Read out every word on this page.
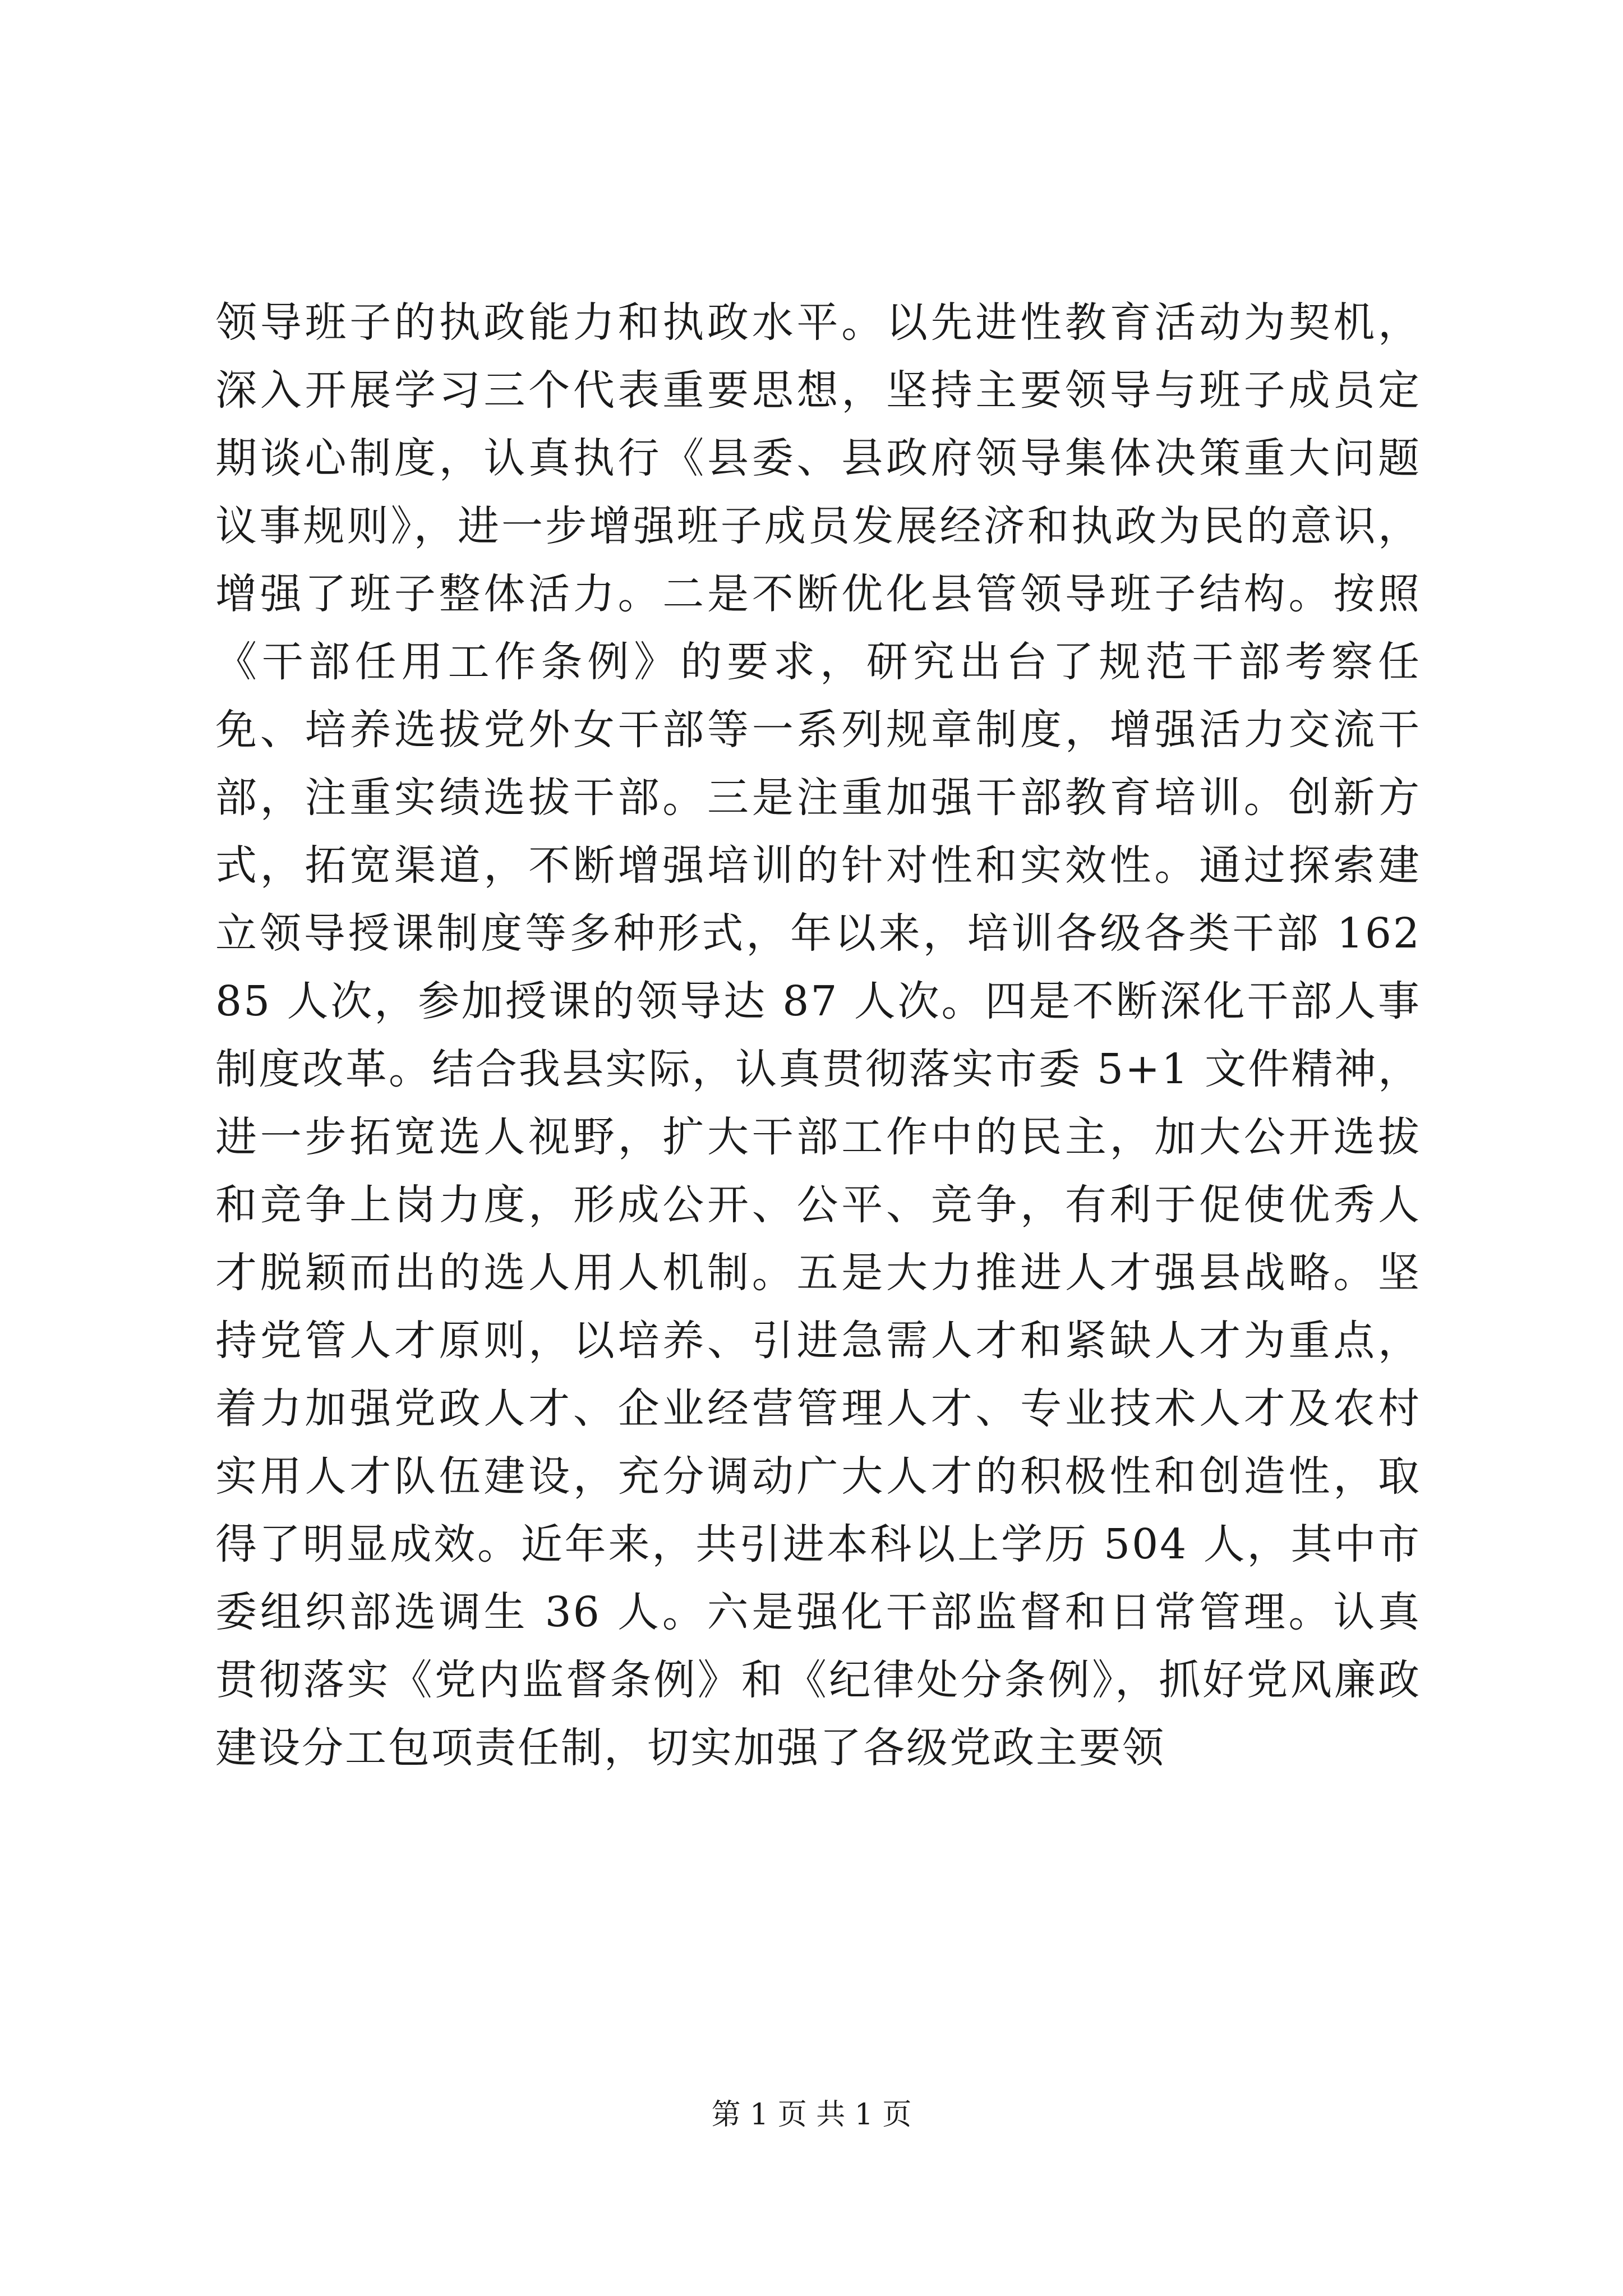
领导班子的执政能力和执政水平。以先进性教育活动为契机，深入开展学习三个代表重要思想，坚持主要领导与班子成员定期谈心制度，认真执行《县委、县政府领导集体决策重大问题议事规则》，进一步增强班子成员发展经济和执政为民的意识，增强了班子整体活力。二是不断优化县管领导班子结构。按照《干部任用工作条例》的要求，研究出台了规范干部考察任免、培养选拔党外女干部等一系列规章制度，增强活力交流干部，注重实绩选拔干部。三是注重加强干部教育培训。创新方式，拓宽渠道，不断增强培训的针对性和实效性。通过探索建立领导授课制度等多种形式，年以来，培训各级各类干部 16285 人次，参加授课的领导达 87 人次。四是不断深化干部人事制度改革。结合我县实际，认真贯彻落实市委 5+1 文件精神，进一步拓宽选人视野，扩大干部工作中的民主，加大公开选拔和竞争上岗力度，形成公开、公平、竞争，有利于促使优秀人才脱颖而出的选人用人机制。五是大力推进人才强县战略。坚持党管人才原则，以培养、引进急需人才和紧缺人才为重点，着力加强党政人才、企业经营管理人才、专业技术人才及农村实用人才队伍建设，充分调动广大人才的积极性和创造性，取得了明显成效。近年来，共引进本科以上学历 504 人，其中市委组织部选调生 36 人。六是强化干部监督和日常管理。认真贯彻落实《党内监督条例》和《纪律处分条例》，抓好党风廉政建设分工包项责任制，切实加强了各级党政主要领

第 1 页 共 1 页
